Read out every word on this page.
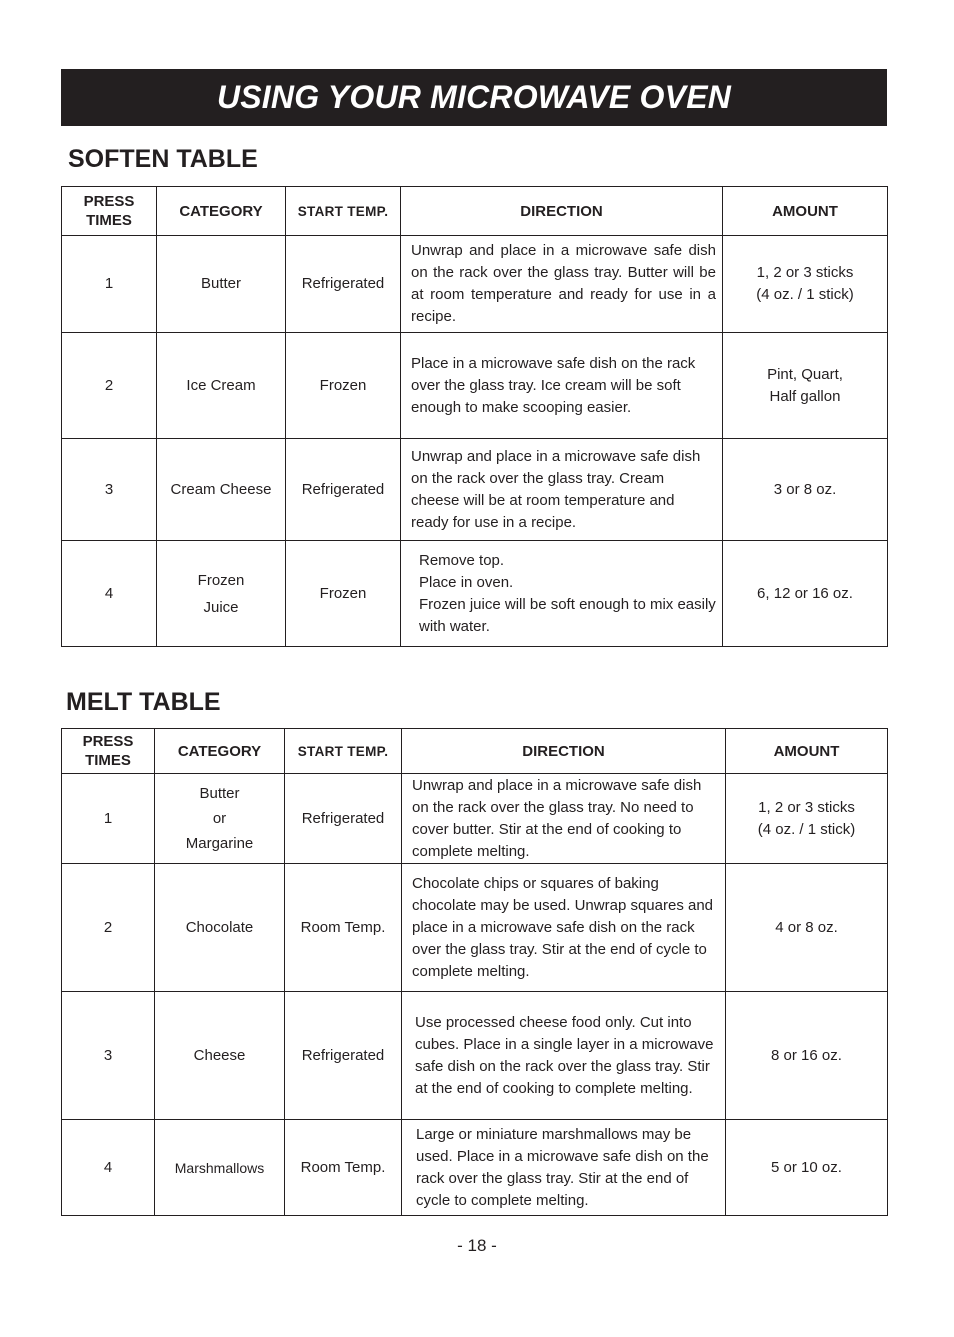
USING YOUR MICROWAVE OVEN
SOFTEN TABLE
PRESS
TIMES	CATEGORY	START TEMP.	DIRECTION	AMOUNT
1	Butter	Refrigerated	Unwrap and place in a microwave safe dish on the rack over the glass tray. Butter will be at room temperature and ready for use in a recipe.	1, 2 or 3 sticks
(4 oz. / 1 stick)
2	Ice Cream	Frozen	Place in a microwave safe dish on the rack over the glass tray. Ice cream will be soft enough to make scooping easier.	Pint, Quart,
Half gallon
3	Cream Cheese	Refrigerated	Unwrap and place in a microwave safe dish on the rack over the glass tray. Cream cheese will be at room temperature and ready for use in a recipe.	3 or 8 oz.
4	Frozen
Juice	Frozen	Remove top.
Place in oven.
Frozen juice will be soft enough to mix easily with water.	6, 12 or 16 oz.
MELT TABLE
PRESS
TIMES	CATEGORY	START TEMP.	DIRECTION	AMOUNT
1	Butter
or
Margarine	Refrigerated	Unwrap and place in a microwave safe dish on the rack over the glass tray. No need to cover butter. Stir at the end of cooking to complete melting.	1, 2 or 3 sticks
(4 oz. / 1 stick)
2	Chocolate	Room Temp.	Chocolate chips or squares of baking chocolate may be used. Unwrap squares and place in a microwave safe dish on the rack over the glass tray. Stir at the end of cycle to complete melting.	4 or 8 oz.
3	Cheese	Refrigerated	Use processed cheese food only. Cut into cubes. Place in a single layer in a microwave safe dish on the rack over the glass tray. Stir at the end of cooking to complete melting.	8 or 16 oz.
4	Marshmallows	Room Temp.	Large or miniature marshmallows may be used. Place in a microwave safe dish on the rack over the glass tray. Stir at the end of cycle to complete melting.	5 or 10 oz.
- 18 -
